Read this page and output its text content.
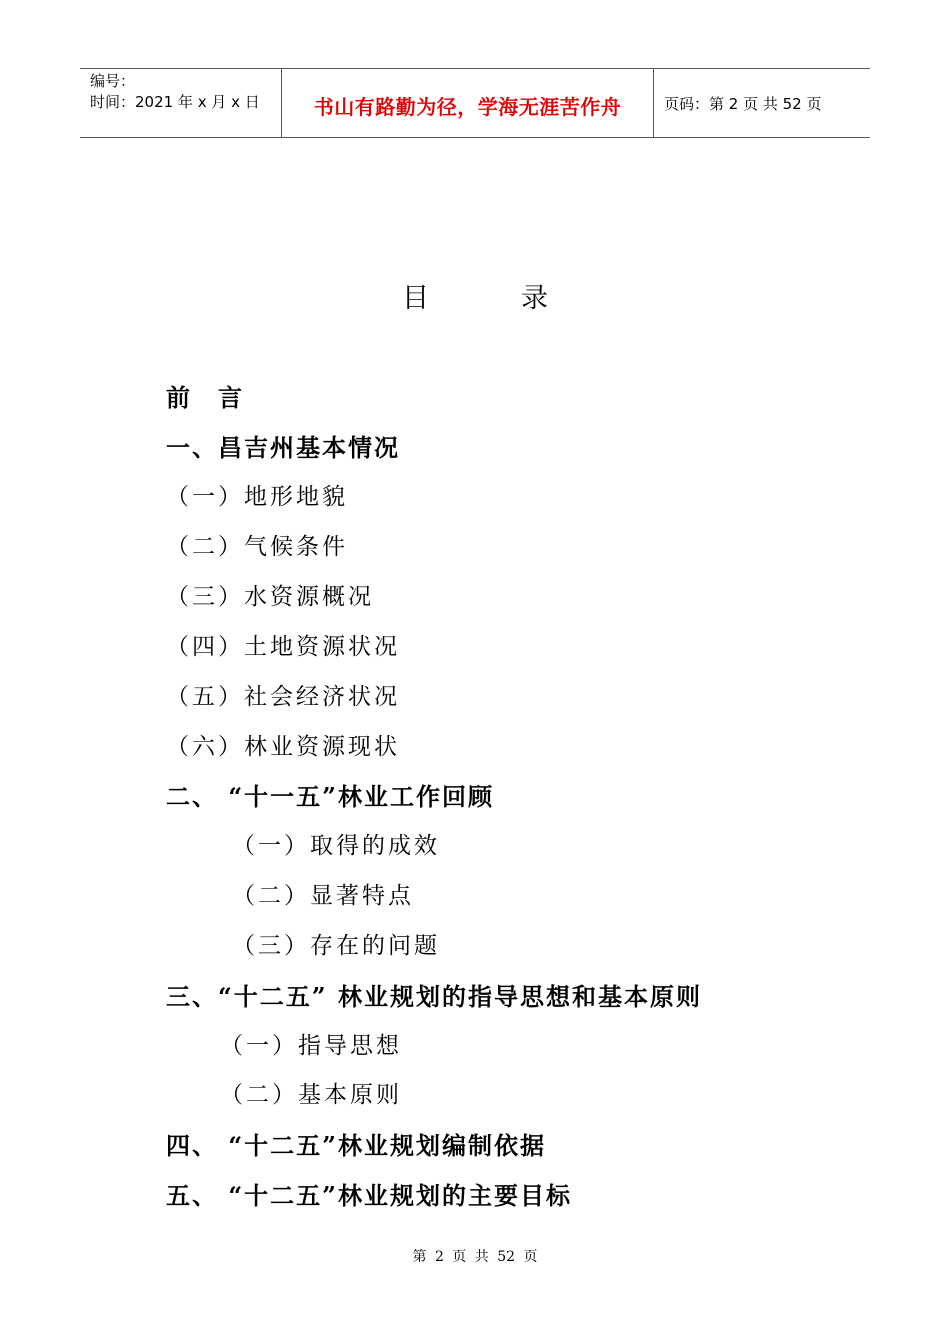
编号：
时间：2021 年 x 月 x 日	书山有路勤为径，学海无涯苦作舟	页码：第 2 页 共 52 页
目	录
前　言
一、昌吉州基本情况
（一）地形地貌
（二）气候条件
（三）水资源概况
（四）土地资源状况
（五）社会经济状况
（六）林业资源现状
二、 “十一五”林业工作回顾
（一）取得的成效
（二）显著特点
（三）存在的问题
三、“十二五” 林业规划的指导思想和基本原则
（一）指导思想
（二）基本原则
四、 “十二五”林业规划编制依据
五、 “十二五”林业规划的主要目标
第 2 页 共 52 页
